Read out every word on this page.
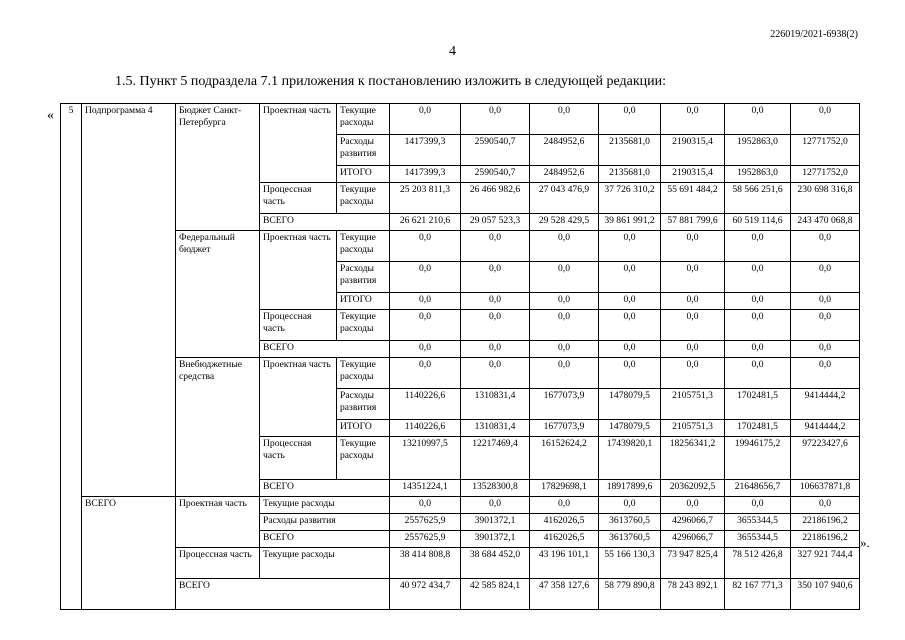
226019/2021-6938(2)
4
1.5. Пункт 5 подраздела 7.1 приложения к постановлению изложить в следующей редакции:
«
».
5	Подпрограмма 4	Бюджет Санкт-Петербурга	Проектная часть	Текущие расходы	0,0	0,0	0,0	0,0	0,0	0,0	0,0
				Расходы развития	1417399,3	2590540,7	2484952,6	2135681,0	2190315,4	1952863,0	12771752,0
				ИТОГО	1417399,3	2590540,7	2484952,6	2135681,0	2190315,4	1952863,0	12771752,0
			Процессная часть	Текущие расходы	25 203 811,3	26 466 982,6	27 043 476,9	37 726 310,2	55 691 484,2	58 566 251,6	230 698 316,8
			ВСЕГО		26 621 210,6	29 057 523,3	29 528 429,5	39 861 991,2	57 881 799,6	60 519 114,6	243 470 068,8
		Федеральный бюджет	Проектная часть	Текущие расходы	0,0	0,0	0,0	0,0	0,0	0,0	0,0
				Расходы развития	0,0	0,0	0,0	0,0	0,0	0,0	0,0
				ИТОГО	0,0	0,0	0,0	0,0	0,0	0,0	0,0
			Процессная часть	Текущие расходы	0,0	0,0	0,0	0,0	0,0	0,0	0,0
			ВСЕГО		0,0	0,0	0,0	0,0	0,0	0,0	0,0
		Внебюджетные средства	Проектная часть	Текущие расходы	0,0	0,0	0,0	0,0	0,0	0,0	0,0
				Расходы развития	1140226,6	1310831,4	1677073,9	1478079,5	2105751,3	1702481,5	9414444,2
				ИТОГО	1140226,6	1310831,4	1677073,9	1478079,5	2105751,3	1702481,5	9414444,2
			Процессная часть	Текущие расходы	13210997,5	12217469,4	16152624,2	17439820,1	18256341,2	19946175,2	97223427,6
			ВСЕГО		14351224,1	13528300,8	17829698,1	18917899,6	20362092,5	21648656,7	106637871,8
	ВСЕГО	Проектная часть	Текущие расходы		0,0	0,0	0,0	0,0	0,0	0,0	0,0
			Расходы развития		2557625,9	3901372,1	4162026,5	3613760,5	4296066,7	3655344,5	22186196,2
			ВСЕГО		2557625,9	3901372,1	4162026,5	3613760,5	4296066,7	3655344,5	22186196,2
		Процессная часть	Текущие расходы		38 414 808,8	38 684 452,0	43 196 101,1	55 166 130,3	73 947 825,4	78 512 426,8	327 921 744,4
		ВСЕГО			40 972 434,7	42 585 824,1	47 358 127,6	58 779 890,8	78 243 892,1	82 167 771,3	350 107 940,6
